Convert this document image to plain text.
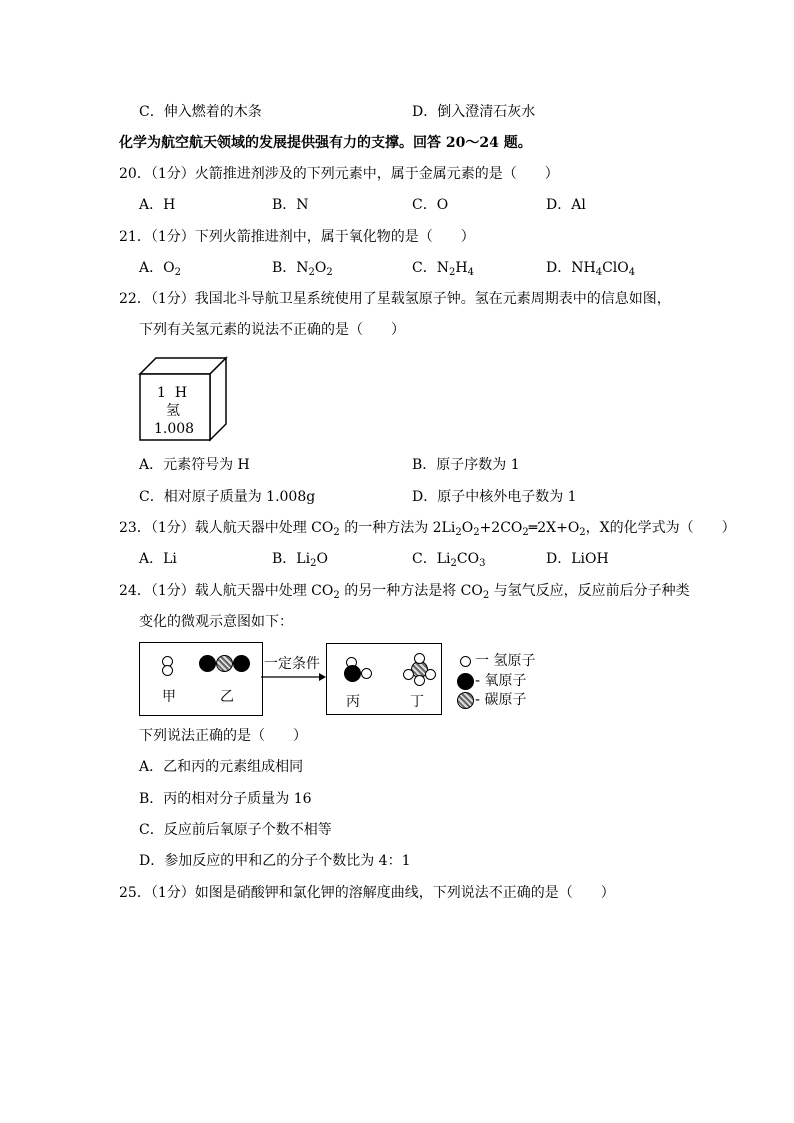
C．伸入燃着的木条	D．倒入澄清石灰水
化学为航空航天领域的发展提供强有力的支撑。回答 20～24 题。
20．（1分）火箭推进剂涉及的下列元素中，属于金属元素的是（　　）
A．H	B．N	C．O	D．Al
21．（1分）下列火箭推进剂中，属于氧化物的是（　　）
A．$O_2$	B．$N_2O_2$	C．$N_2H_4$	D．$NH_4ClO_4$
22．（1分）我国北斗导航卫星系统使用了星载氢原子钟。氢在元素周期表中的信息如图，
下列有关氢元素的说法不正确的是（　　）
1 H
氢
1.008
A．元素符号为 H	B．原子序数为 1
C．相对原子质量为 1.008g	D．原子中核外电子数为 1
23．（1分）载人航天器中处理 $CO_2$ 的一种方法为 $2Li_2O_2+2CO_2═2X+O_2$，X的化学式为（　　）
A．Li	B．$Li_2O$	C．$Li_2CO_3$	D．LiOH
24．（1分）载人航天器中处理 $CO_2$ 的另一种方法是将 $CO_2$ 与氢气反应，反应前后分子种类
变化的微观示意图如下：
甲	乙
一定条件
丙	丁
一 氢原子
- 氧原子
- 碳原子
下列说法正确的是（　　）
A．乙和丙的元素组成相同
B．丙的相对分子质量为 16
C．反应前后氧原子个数不相等
D．参加反应的甲和乙的分子个数比为 4：1
25．（1分）如图是硝酸钾和氯化钾的溶解度曲线，下列说法不正确的是（　　）
